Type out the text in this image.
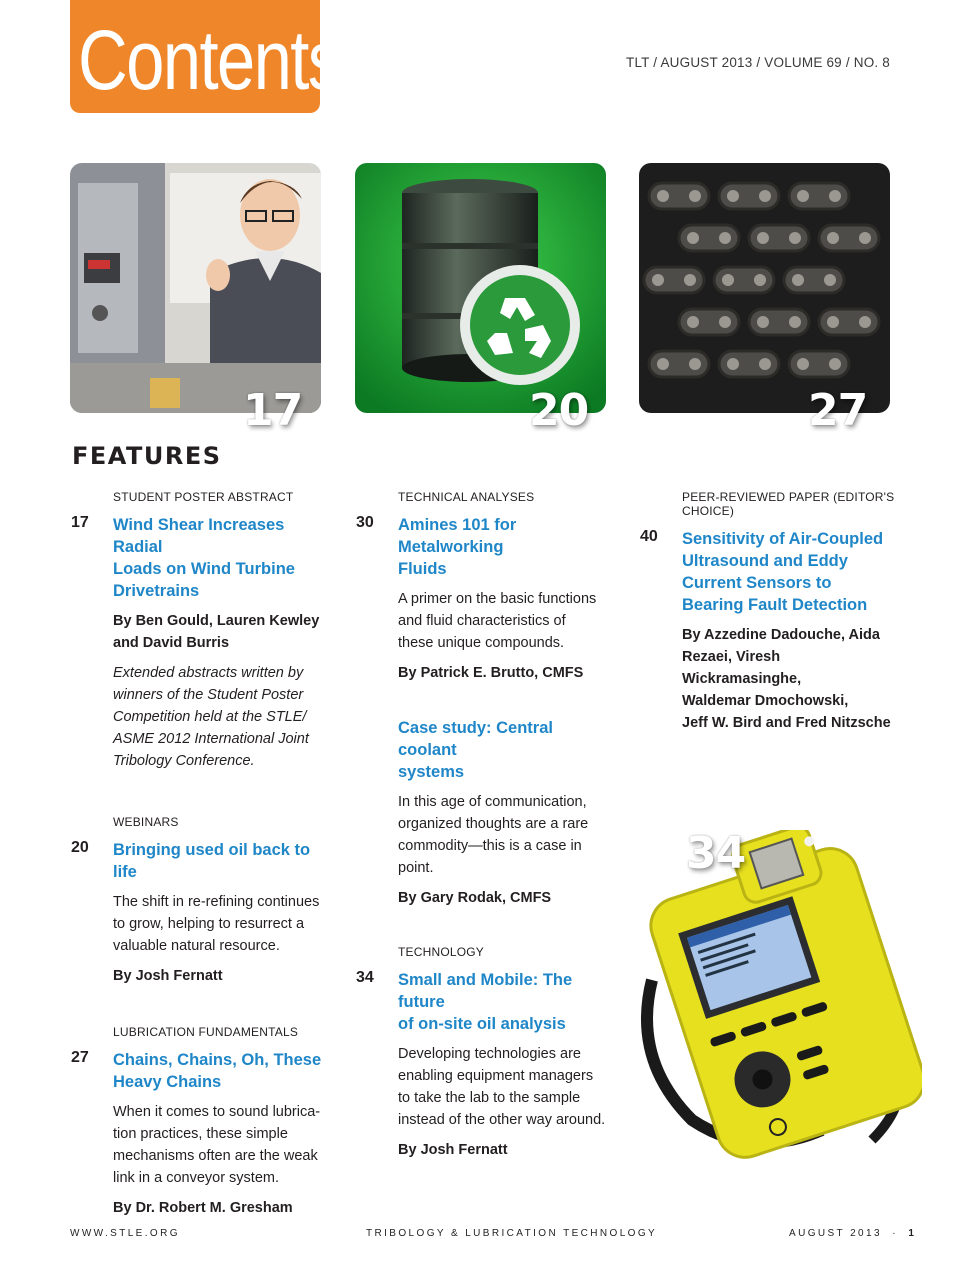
Contents	TLT / AUGUST 2013 / VOLUME 69 / NO. 8
17	20	27
FEATURES
STUDENT POSTER ABSTRACT
17 Wind Shear Increases Radial
Loads on Wind Turbine
Drivetrains
By Ben Gould, Lauren Kewley
and David Burris
Extended abstracts written by
winners of the Student Poster
Competition held at the STLE/
ASME 2012 International Joint
Tribology Conference.
WEBINARS
20 Bringing used oil back to life
The shift in re-refining continues
to grow, helping to resurrect a
valuable natural resource.
By Josh Fernatt
LUBRICATION FUNDAMENTALS
27 Chains, Chains, Oh, These
Heavy Chains
When it comes to sound lubrica-
tion practices, these simple
mechanisms often are the weak
link in a conveyor system.
By Dr. Robert M. Gresham
TECHNICAL ANALYSES
30 Amines 101 for Metalworking
Fluids
A primer on the basic functions
and fluid characteristics of
these unique compounds.
By Patrick E. Brutto, CMFS
Case study: Central coolant
systems
In this age of communication,
organized thoughts are a rare
commodity—this is a case in
point.
By Gary Rodak, CMFS
TECHNOLOGY
34 Small and Mobile: The future
of on-site oil analysis
Developing technologies are
enabling equipment managers
to take the lab to the sample
instead of the other way around.
By Josh Fernatt
PEER-REVIEWED PAPER (EDITOR'S CHOICE)
40 Sensitivity of Air-Coupled
Ultrasound and Eddy
Current Sensors to
Bearing Fault Detection
By Azzedine Dadouche, Aida
Rezaei, Viresh Wickramasinghe,
Waldemar Dmochowski,
Jeff W. Bird and Fred Nitzsche
34
WWW.STLE.ORG	TRIBOLOGY & LUBRICATION TECHNOLOGY	AUGUST 2013  ·  1
